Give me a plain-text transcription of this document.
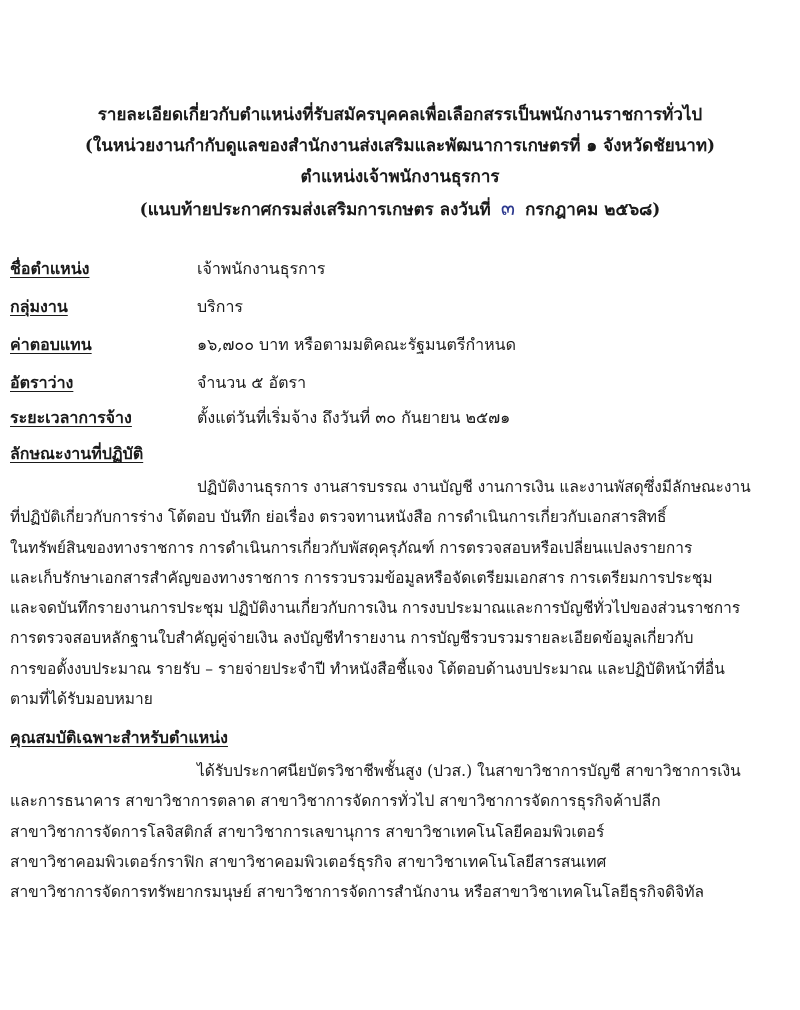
รายละเอียดเกี่ยวกับตำแหน่งที่รับสมัครบุคคลเพื่อเลือกสรรเป็นพนักงานราชการทั่วไป
(ในหน่วยงานกำกับดูแลของสำนักงานส่งเสริมและพัฒนาการเกษตรที่ ๑ จังหวัดชัยนาท)
ตำแหน่งเจ้าพนักงานธุรการ
(แนบท้ายประกาศกรมส่งเสริมการเกษตร ลงวันที่ ๓ กรกฎาคม ๒๕๖๘)
ชื่อตำแหน่ง	เจ้าพนักงานธุรการ
กลุ่มงาน	บริการ
ค่าตอบแทน	๑๖,๗๐๐ บาท หรือตามมติคณะรัฐมนตรีกำหนด
อัตราว่าง	จำนวน ๕ อัตรา
ระยะเวลาการจ้าง	ตั้งแต่วันที่เริ่มจ้าง ถึงวันที่ ๓๐ กันยายน ๒๕๗๑
ลักษณะงานที่ปฏิบัติ
ปฏิบัติงานธุรการ งานสารบรรณ งานบัญชี งานการเงิน และงานพัสดุซึ่งมีลักษณะงาน
ที่ปฏิบัติเกี่ยวกับการร่าง โต้ตอบ บันทึก ย่อเรื่อง ตรวจทานหนังสือ การดำเนินการเกี่ยวกับเอกสารสิทธิ์
ในทรัพย์สินของทางราชการ การดำเนินการเกี่ยวกับพัสดุครุภัณฑ์ การตรวจสอบหรือเปลี่ยนแปลงรายการ
และเก็บรักษาเอกสารสำคัญของทางราชการ การรวบรวมข้อมูลหรือจัดเตรียมเอกสาร การเตรียมการประชุม
และจดบันทึกรายงานการประชุม ปฏิบัติงานเกี่ยวกับการเงิน การงบประมาณและการบัญชีทั่วไปของส่วนราชการ
การตรวจสอบหลักฐานใบสำคัญคู่จ่ายเงิน ลงบัญชีทำรายงาน การบัญชีรวบรวมรายละเอียดข้อมูลเกี่ยวกับ
การขอตั้งงบประมาณ รายรับ – รายจ่ายประจำปี ทำหนังสือชี้แจง โต้ตอบด้านงบประมาณ และปฏิบัติหน้าที่อื่น
ตามที่ได้รับมอบหมาย
คุณสมบัติเฉพาะสำหรับตำแหน่ง
ได้รับประกาศนียบัตรวิชาชีพชั้นสูง (ปวส.) ในสาขาวิชาการบัญชี สาขาวิชาการเงิน
และการธนาคาร สาขาวิชาการตลาด สาขาวิชาการจัดการทั่วไป สาขาวิชาการจัดการธุรกิจค้าปลีก
สาขาวิชาการจัดการโลจิสติกส์ สาขาวิชาการเลขานุการ สาขาวิชาเทคโนโลยีคอมพิวเตอร์
สาขาวิชาคอมพิวเตอร์กราฟิก สาขาวิชาคอมพิวเตอร์ธุรกิจ สาขาวิชาเทคโนโลยีสารสนเทศ
สาขาวิชาการจัดการทรัพยากรมนุษย์ สาขาวิชาการจัดการสำนักงาน หรือสาขาวิชาเทคโนโลยีธุรกิจดิจิทัล
